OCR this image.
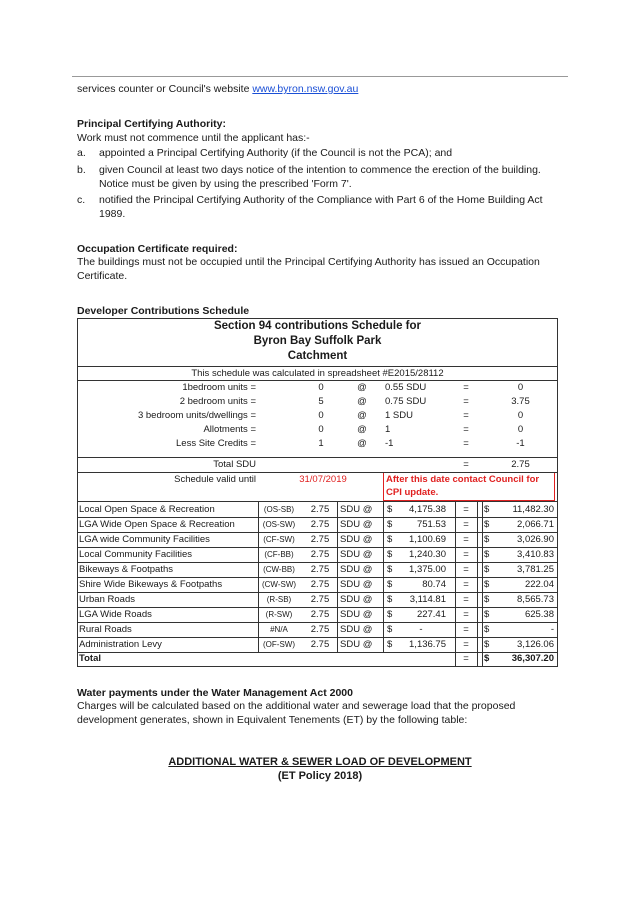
services counter or Council's website www.byron.nsw.gov.au
Principal Certifying Authority:
Work must not commence until the applicant has:-
a. appointed a Principal Certifying Authority (if the Council is not the PCA); and
b. given Council at least two days notice of the intention to commence the erection of the building. Notice must be given by using the prescribed 'Form 7'.
c. notified the Principal Certifying Authority of the Compliance with Part 6 of the Home Building Act 1989.
Occupation Certificate required:
The buildings must not be occupied until the Principal Certifying Authority has issued an Occupation Certificate.
Developer Contributions Schedule
Section 94 contributions Schedule for
Byron Bay Suffolk Park
Catchment
This schedule was calculated in spreadsheet #E2015/28112
1bedroom units =	0	@	0.55 SDU	=	0
2 bedroom units =	5	@	0.75 SDU	=	3.75
3 bedroom units/dwellings =	0	@	1 SDU	=	0
Allotments =	0	@	1	=	0
Less Site Credits =	1	@	-1	=	-1
Total SDU	=	2.75
Schedule valid until	31/07/2019	After this date contact Council for CPI update.
Local Open Space & Recreation	(OS-SB)	2.75	SDU @	$	4,175.38	=	$	11,482.30
LGA Wide Open Space & Recreation	(OS-SW)	2.75	SDU @	$	751.53	=	$	2,066.71
LGA wide Community Facilities	(CF-SW)	2.75	SDU @	$	1,100.69	=	$	3,026.90
Local Community Facilities	(CF-BB)	2.75	SDU @	$	1,240.30	=	$	3,410.83
Bikeways & Footpaths	(CW-BB)	2.75	SDU @	$	1,375.00	=	$	3,781.25
Shire Wide Bikeways & Footpaths	(CW-SW)	2.75	SDU @	$	80.74	=	$	222.04
Urban Roads	(R-SB)	2.75	SDU @	$	3,114.81	=	$	8,565.73
LGA Wide Roads	(R-SW)	2.75	SDU @	$	227.41	=	$	625.38
Rural Roads	#N/A	2.75	SDU @	$	-	=	$	-
Administration Levy	(OF-SW)	2.75	SDU @	$	1,136.75	=	$	3,126.06
Total	=	$	36,307.20
Water payments under the Water Management Act 2000
Charges will be calculated based on the additional water and sewerage load that the proposed development generates, shown in Equivalent Tenements (ET) by the following table:
ADDITIONAL WATER & SEWER LOAD OF DEVELOPMENT
(ET Policy 2018)
